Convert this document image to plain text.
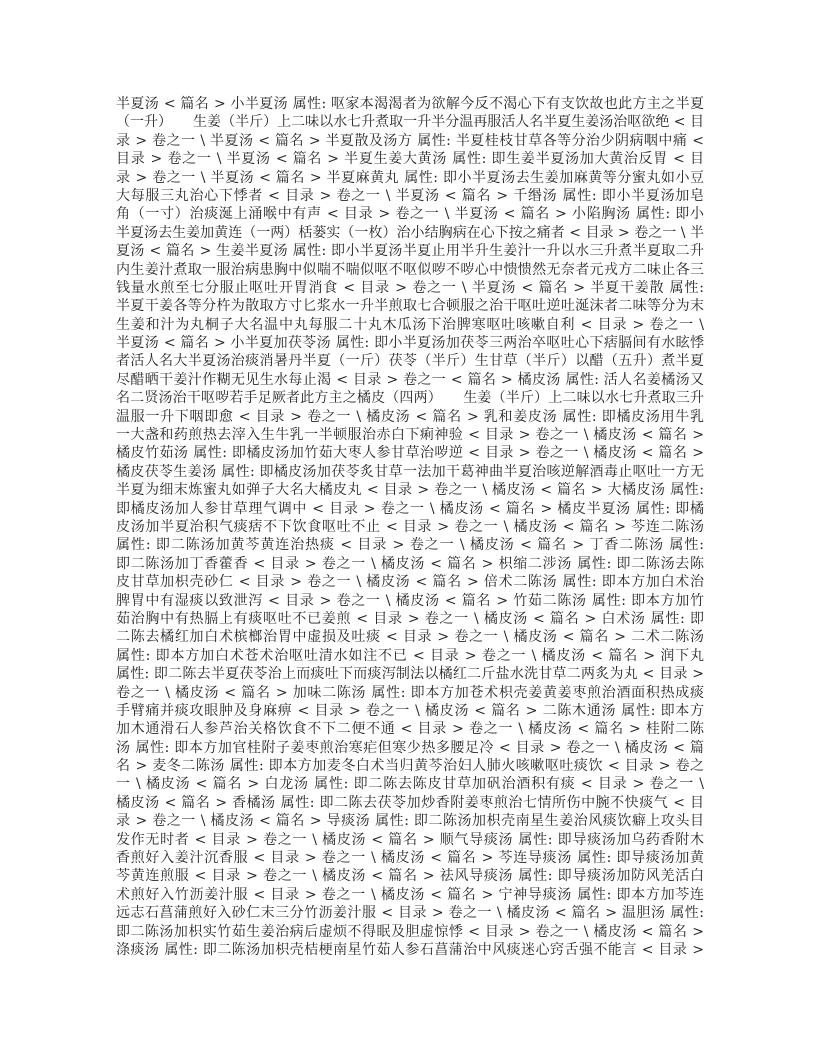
半夏汤 < 篇名 > 小半夏汤 属性: 呕家本渴渴者为欲解今反不渴心下有支饮故也此方主之半夏
（一升）　　生姜（半斤）上二味以水七升煮取一升半分温再服活人名半夏生姜汤治呕欲绝 < 目
录 > 卷之一 \ 半夏汤 < 篇名 > 半夏散及汤方 属性: 半夏桂枝甘草各等分治少阴病咽中痛 <
目录 > 卷之一 \ 半夏汤 < 篇名 > 半夏生姜大黄汤 属性: 即生姜半夏汤加大黄治反胃 < 目
录 > 卷之一 \ 半夏汤 < 篇名 > 半夏麻黄丸 属性: 即小半夏汤去生姜加麻黄等分蜜丸如小豆
大每服三丸治心下悸者 < 目录 > 卷之一 \ 半夏汤 < 篇名 > 千缗汤 属性: 即小半夏汤加皂
角（一寸）治痰涎上涌喉中有声 < 目录 > 卷之一 \ 半夏汤 < 篇名 > 小陷胸汤 属性: 即小
半夏汤去生姜加黄连（一两）栝蒌实（一枚）治小结胸病在心下按之痛者 < 目录 > 卷之一 \ 半
夏汤 < 篇名 > 生姜半夏汤 属性: 即小半夏汤半夏止用半升生姜汁一升以水三升煮半夏取二升
内生姜汁煮取一服治病患胸中似喘不喘似呕不呕似哕不哕心中愦愦然无奈者元戎方二味止各三
钱量水煎至七分服止呕吐开胃消食 < 目录 > 卷之一 \ 半夏汤 < 篇名 > 半夏干姜散 属性:
半夏干姜各等分杵为散取方寸匕浆水一升半煎取七合顿服之治干呕吐逆吐涎沫者二味等分为末
生姜和汁为丸桐子大名温中丸每服二十丸木瓜汤下治脾寒呕吐咳嗽自利 < 目录 > 卷之一 \
半夏汤 < 篇名 > 小半夏加茯苓汤 属性: 即小半夏汤加茯苓三两治卒呕吐心下痞膈间有水眩悸
者活人名大半夏汤治痰消暑丹半夏（一斤）茯苓（半斤）生甘草（半斤）以醋（五升）煮半夏
尽醋晒干姜汁作糊无见生水每止渴 < 目录 > 卷之一 < 篇名 > 橘皮汤 属性: 活人名姜橘汤又
名二贤汤治干呕哕若手足厥者此方主之橘皮（四两）　　生姜（半斤）上二味以水七升煮取三升
温服一升下咽即愈 < 目录 > 卷之一 \ 橘皮汤 < 篇名 > 乳和姜皮汤 属性: 即橘皮汤用牛乳
一大盏和药煎热去滓入生牛乳一半顿服治赤白下痢神验 < 目录 > 卷之一 \ 橘皮汤 < 篇名 >
橘皮竹茹汤 属性: 即橘皮汤加竹茹大枣人参甘草治哕逆 < 目录 > 卷之一 \ 橘皮汤 < 篇名 >
橘皮茯苓生姜汤 属性: 即橘皮汤加茯苓炙甘草一法加干葛神曲半夏治咳逆解酒毒止呕吐一方无
半夏为细末炼蜜丸如弹子大名大橘皮丸 < 目录 > 卷之一 \ 橘皮汤 < 篇名 > 大橘皮汤 属性:
即橘皮汤加人参甘草理气调中 < 目录 > 卷之一 \ 橘皮汤 < 篇名 > 橘皮半夏汤 属性: 即橘
皮汤加半夏治积气痰痞不下饮食呕吐不止 < 目录 > 卷之一 \ 橘皮汤 < 篇名 > 芩连二陈汤
属性: 即二陈汤加黄芩黄连治热痰 < 目录 > 卷之一 \ 橘皮汤 < 篇名 > 丁香二陈汤 属性:
即二陈汤加丁香藿香 < 目录 > 卷之一 \ 橘皮汤 < 篇名 > 枳缩二涉汤 属性: 即二陈汤去陈
皮甘草加枳壳砂仁 < 目录 > 卷之一 \ 橘皮汤 < 篇名 > 倍术二陈汤 属性: 即本方加白术治
脾胃中有湿痰以致泄泻 < 目录 > 卷之一 \ 橘皮汤 < 篇名 > 竹茹二陈汤 属性: 即本方加竹
茹治胸中有热膈上有痰呕吐不已姜煎 < 目录 > 卷之一 \ 橘皮汤 < 篇名 > 白术汤 属性: 即
二陈去橘红加白术槟榔治胃中虚损及吐痰 < 目录 > 卷之一 \ 橘皮汤 < 篇名 > 二术二陈汤
属性: 即本方加白术苍术治呕吐清水如注不已 < 目录 > 卷之一 \ 橘皮汤 < 篇名 > 润下丸
属性: 即二陈去半夏茯苓治上而痰吐下而痰泻制法以橘红二斤盐水洗甘草二两炙为丸 < 目录 >
卷之一 \ 橘皮汤 < 篇名 > 加味二陈汤 属性: 即本方加苍术枳壳姜黄姜枣煎治酒面积热成痰
手臂痛并痰攻眼肿及身麻痹 < 目录 > 卷之一 \ 橘皮汤 < 篇名 > 二陈木通汤 属性: 即本方
加木通滑石人参芦治关格饮食不下二便不通 < 目录 > 卷之一 \ 橘皮汤 < 篇名 > 桂附二陈
汤 属性: 即本方加官桂附子姜枣煎治寒疟但寒少热多腰足冷 < 目录 > 卷之一 \ 橘皮汤 < 篇
名 > 麦冬二陈汤 属性: 即本方加麦冬白术当归黄芩治妇人肺火咳嗽呕吐痰饮 < 目录 > 卷之
一 \ 橘皮汤 < 篇名 > 白龙汤 属性: 即二陈去陈皮甘草加矾治酒积有痰 < 目录 > 卷之一 \
橘皮汤 < 篇名 > 香橘汤 属性: 即二陈去茯苓加炒香附姜枣煎治七情所伤中腕不快痰气 < 目
录 > 卷之一 \ 橘皮汤 < 篇名 > 导痰汤 属性: 即二陈汤加枳壳南星生姜治风痰饮癖上攻头目
发作无时者 < 目录 > 卷之一 \ 橘皮汤 < 篇名 > 顺气导痰汤 属性: 即导痰汤加乌药香附木
香煎好入姜汁沉香服 < 目录 > 卷之一 \ 橘皮汤 < 篇名 > 芩连导痰汤 属性: 即导痰汤加黄
芩黄连煎服 < 目录 > 卷之一 \ 橘皮汤 < 篇名 > 祛风导痰汤 属性: 即导痰汤加防风羌活白
术煎好入竹沥姜汁服 < 目录 > 卷之一 \ 橘皮汤 < 篇名 > 宁神导痰汤 属性: 即本方加芩连
远志石菖蒲煎好入砂仁末三分竹沥姜汁服 < 目录 > 卷之一 \ 橘皮汤 < 篇名 > 温胆汤 属性:
即二陈汤加枳实竹茹生姜治病后虚烦不得眠及胆虚惊悸 < 目录 > 卷之一 \ 橘皮汤 < 篇名 >
涤痰汤 属性: 即二陈汤加枳壳桔梗南星竹茹人参石菖蒲治中风痰迷心窍舌强不能言 < 目录 >
